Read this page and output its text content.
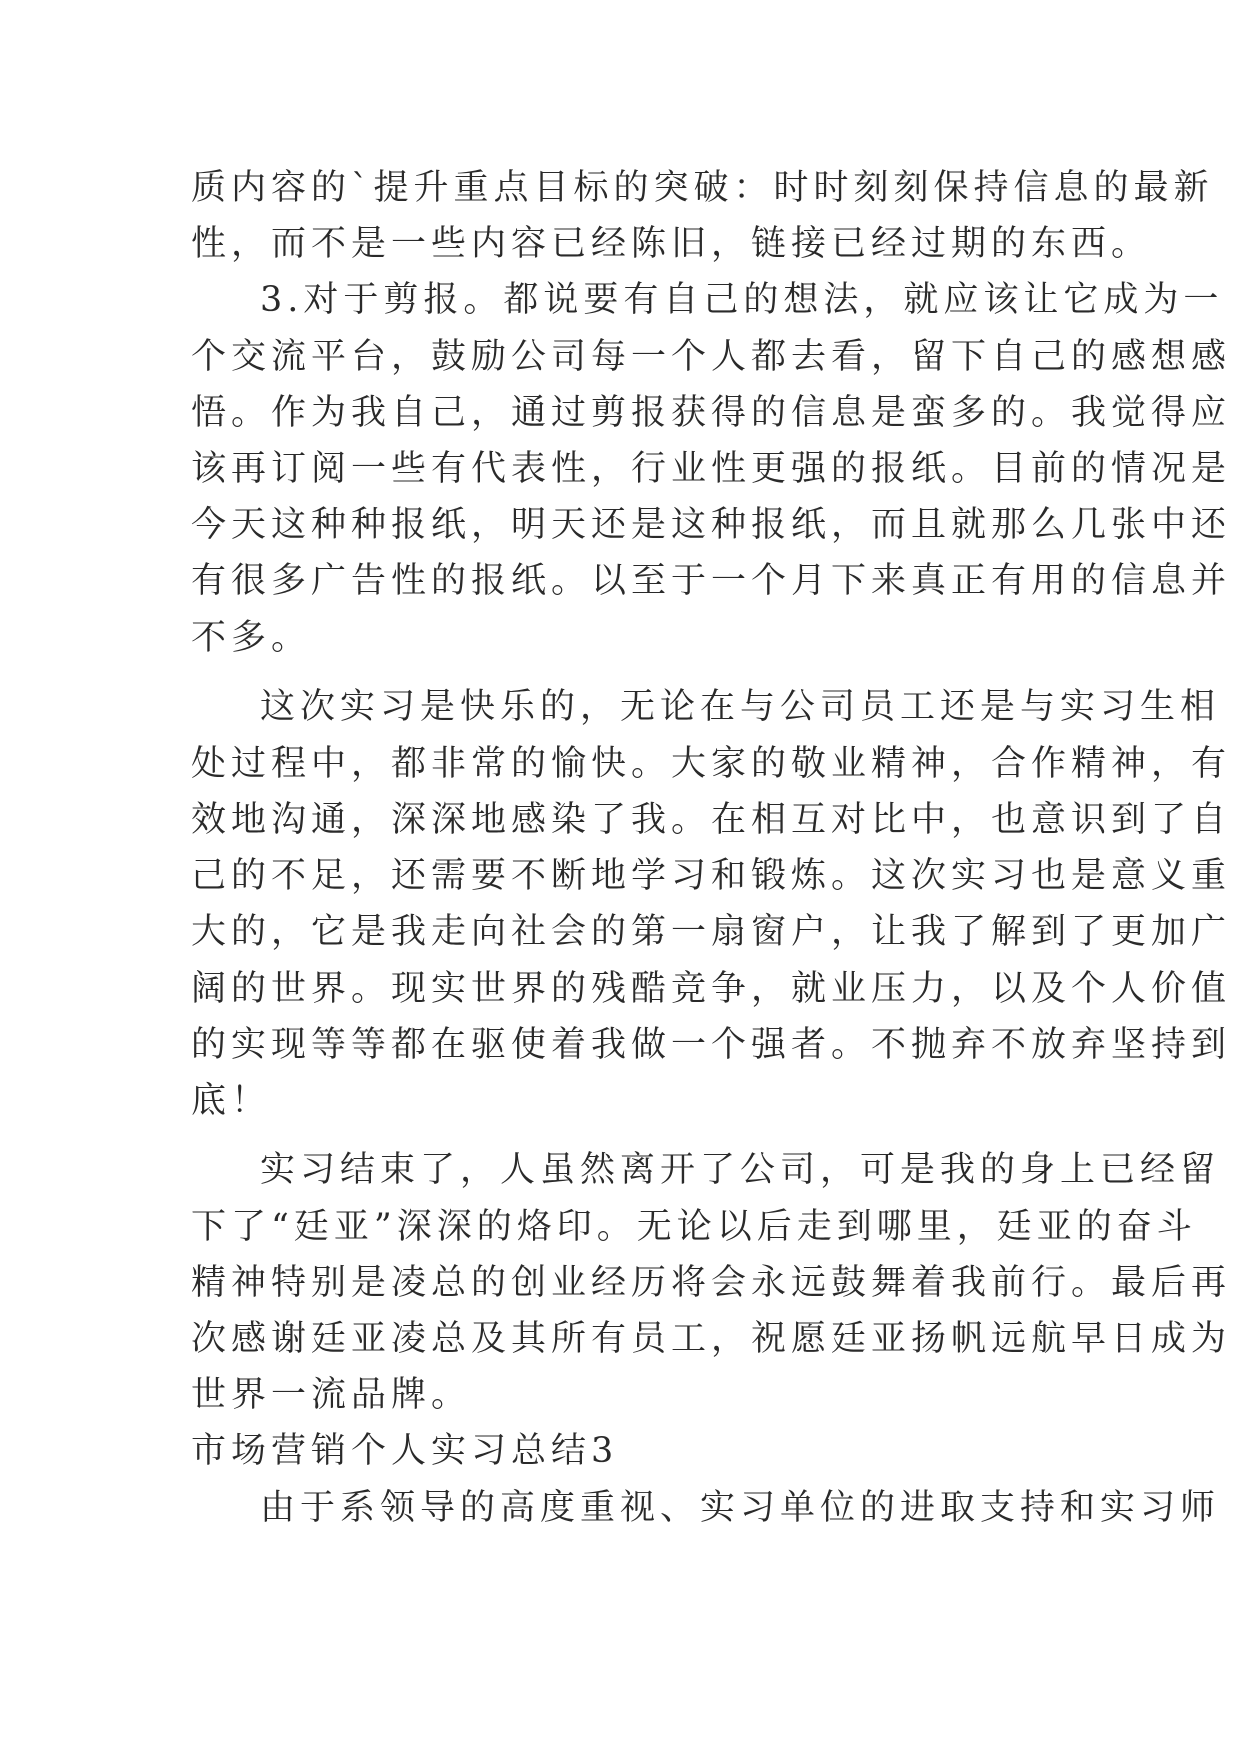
质内容的`提升重点目标的突破：时时刻刻保持信息的最新
性，而不是一些内容已经陈旧，链接已经过期的东西。
3.对于剪报。都说要有自己的想法，就应该让它成为一
个交流平台，鼓励公司每一个人都去看，留下自己的感想感
悟。作为我自己，通过剪报获得的信息是蛮多的。我觉得应
该再订阅一些有代表性，行业性更强的报纸。目前的情况是
今天这种种报纸，明天还是这种报纸，而且就那么几张中还
有很多广告性的报纸。以至于一个月下来真正有用的信息并
不多。
这次实习是快乐的，无论在与公司员工还是与实习生相
处过程中，都非常的愉快。大家的敬业精神，合作精神，有
效地沟通，深深地感染了我。在相互对比中，也意识到了自
己的不足，还需要不断地学习和锻炼。这次实习也是意义重
大的，它是我走向社会的第一扇窗户，让我了解到了更加广
阔的世界。现实世界的残酷竞争，就业压力，以及个人价值
的实现等等都在驱使着我做一个强者。不抛弃不放弃坚持到
底！
实习结束了，人虽然离开了公司，可是我的身上已经留
下了“廷亚”深深的烙印。无论以后走到哪里，廷亚的奋斗
精神特别是凌总的创业经历将会永远鼓舞着我前行。最后再
次感谢廷亚凌总及其所有员工，祝愿廷亚扬帆远航早日成为
世界一流品牌。
市场营销个人实习总结3
由于系领导的高度重视、实习单位的进取支持和实习师
